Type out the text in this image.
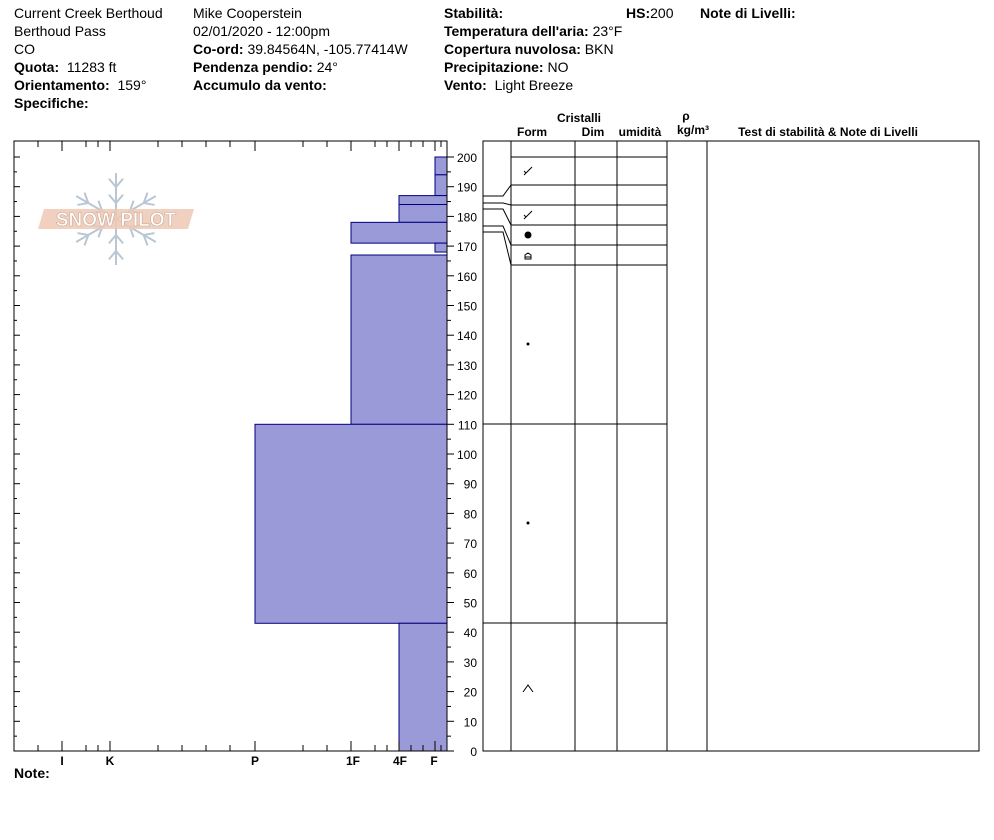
Current Creek Berthoud
Berthoud Pass
CO
Quota: 11283 ft
Orientamento: 159°
Specifiche:
Mike Cooperstein
02/01/2020 - 12:00pm
Co-ord: 39.84564N, -105.77414W
Pendenza pendio: 24°
Accumulo da vento:
Stabilità:
Temperatura dell'aria: 23°F
Copertura nuvolosa: BKN
Precipitazione: NO
Vento: Light Breeze
HS:200 Note di Livelli:
SNOW PILOT
0
10
20
30
40
50
60
70
80
90
100
110
120
130
140
150
160
170
180
190
200
I	K	P	1F	4F F
Cristalli
Form	Dim umidità
ρ
kg/m³ Test di stabilità & Note di Livelli
Note:
